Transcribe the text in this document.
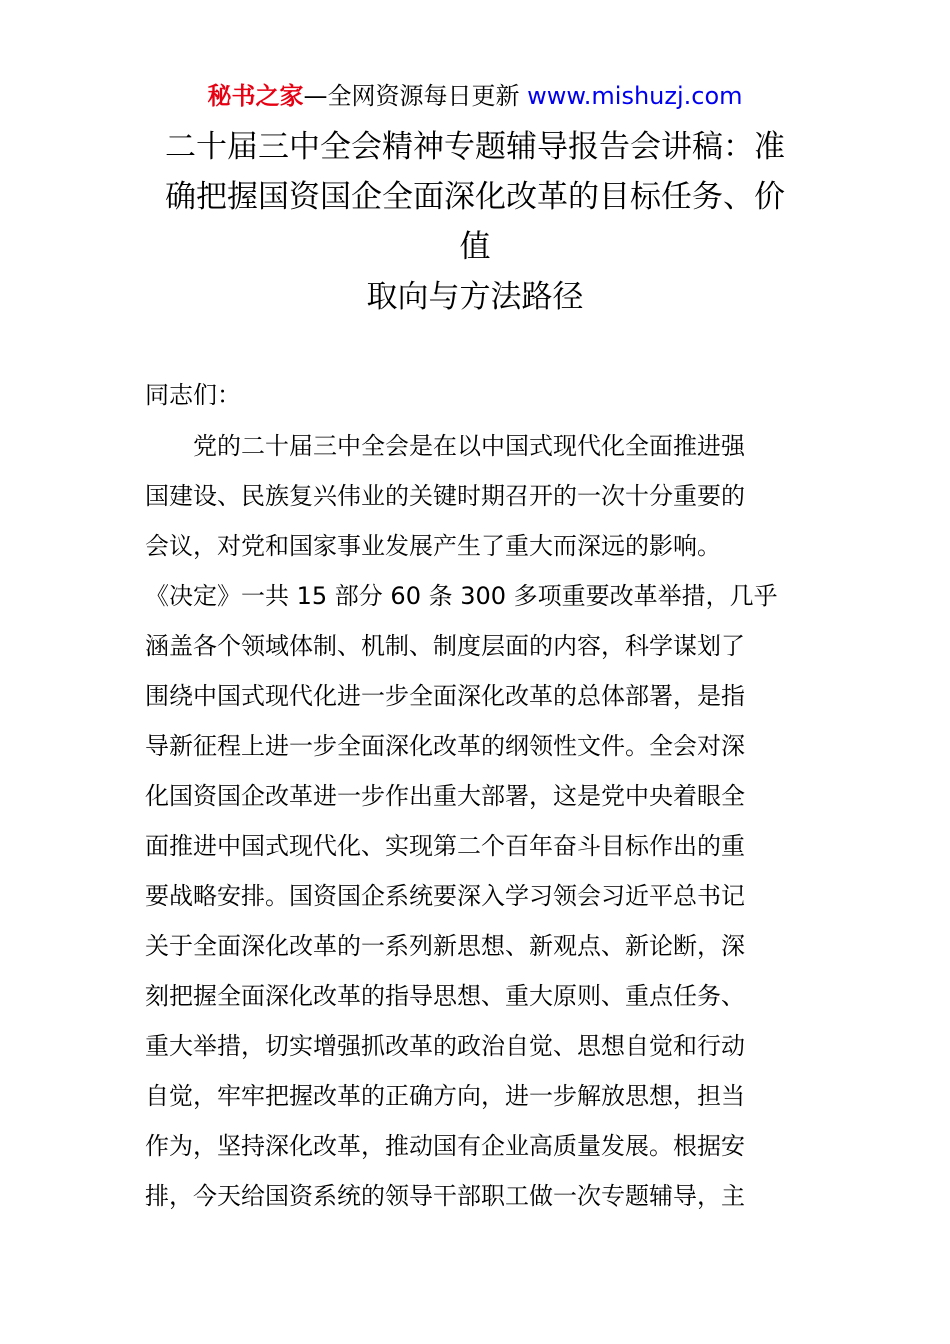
秘书之家—全网资源每日更新 www.mishuzj.com
二十届三中全会精神专题辅导报告会讲稿：准
确把握国资国企全面深化改革的目标任务、价
值
取向与方法路径
同志们：
党的二十届三中全会是在以中国式现代化全面推进强
国建设、民族复兴伟业的关键时期召开的一次十分重要的
会议，对党和国家事业发展产生了重大而深远的影响。
《决定》一共 15 部分 60 条 300 多项重要改革举措，几乎
涵盖各个领域体制、机制、制度层面的内容，科学谋划了
围绕中国式现代化进一步全面深化改革的总体部署，是指
导新征程上进一步全面深化改革的纲领性文件。全会对深
化国资国企改革进一步作出重大部署，这是党中央着眼全
面推进中国式现代化、实现第二个百年奋斗目标作出的重
要战略安排。国资国企系统要深入学习领会习近平总书记
关于全面深化改革的一系列新思想、新观点、新论断，深
刻把握全面深化改革的指导思想、重大原则、重点任务、
重大举措，切实增强抓改革的政治自觉、思想自觉和行动
自觉，牢牢把握改革的正确方向，进一步解放思想，担当
作为，坚持深化改革，推动国有企业高质量发展。根据安
排，今天给国资系统的领导干部职工做一次专题辅导，主
